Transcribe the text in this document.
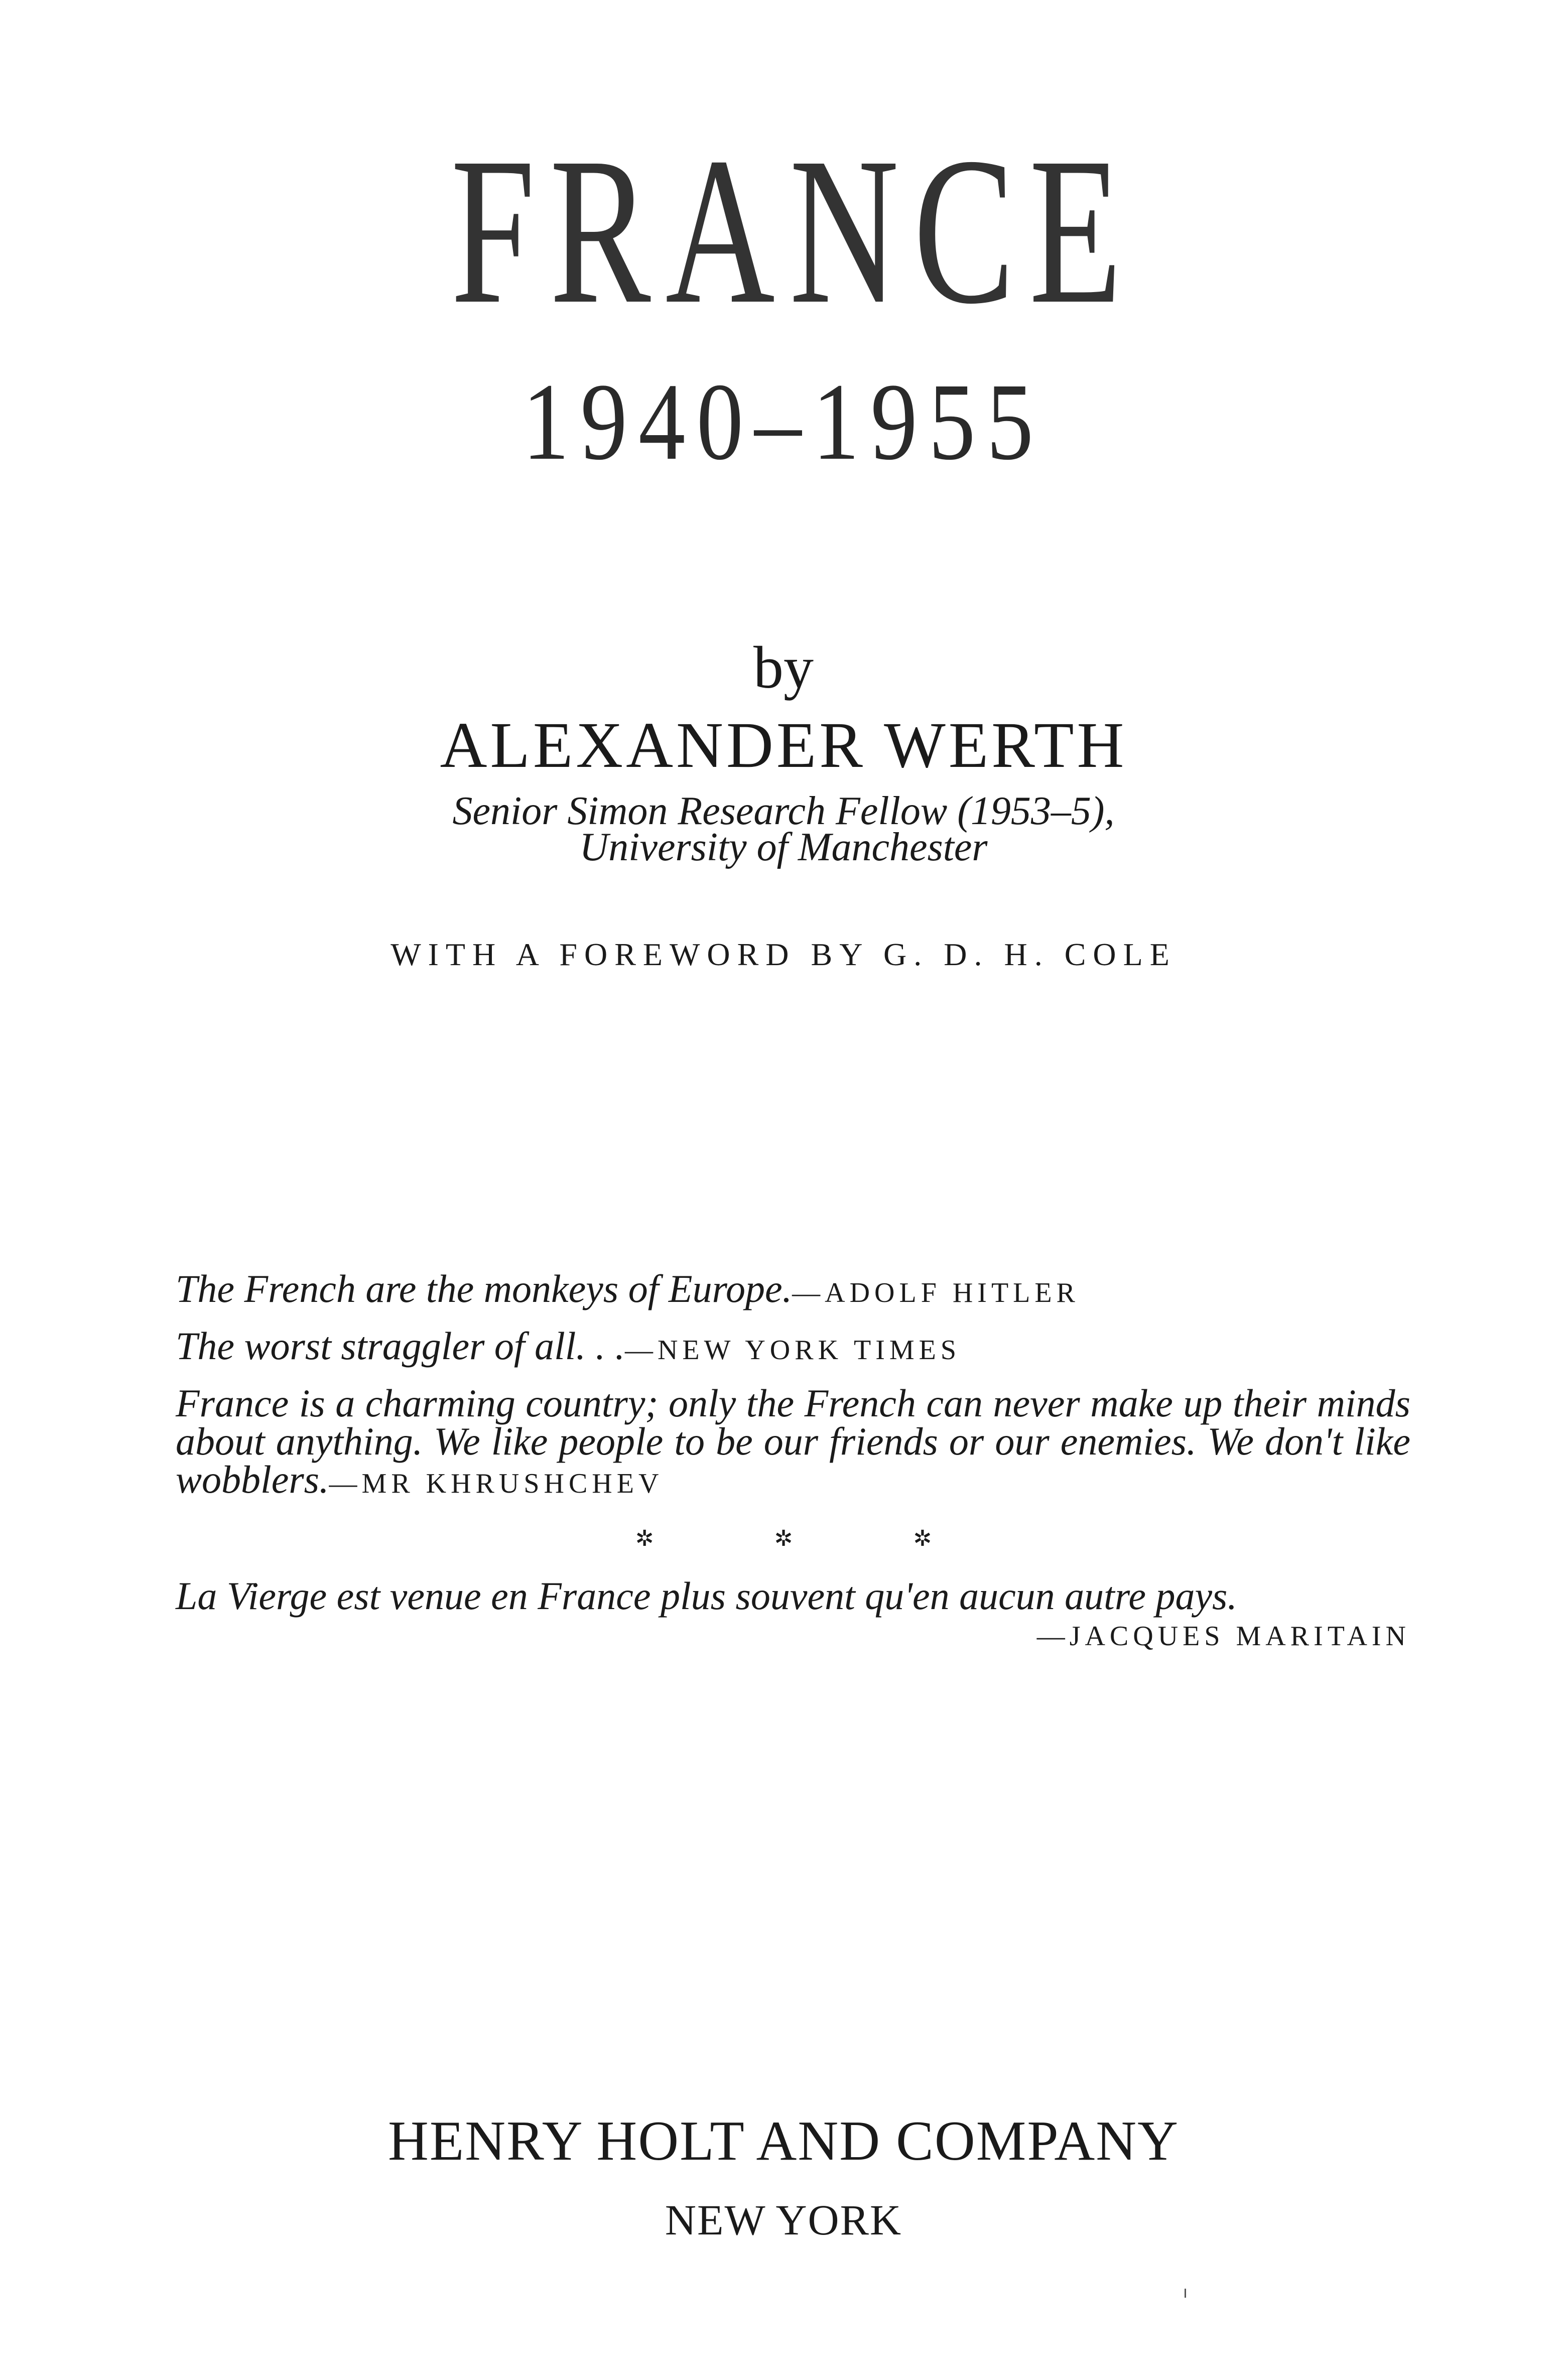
FRANCE
1940–1955
by
ALEXANDER WERTH
Senior Simon Research Fellow (1953–5),
University of Manchester
WITH A FOREWORD BY G. D. H. COLE

The French are the monkeys of Europe.—ADOLF HITLER

The worst straggler of all. . .—NEW YORK TIMES

France is a charming country; only the French can never make up their minds about anything. We like people to be our friends or our enemies. We don't like wobblers.—MR KHRUSHCHEV

✲	✲	✲
La Vierge est venue en France plus souvent qu'en aucun autre pays.
—JACQUES MARITAIN
HENRY HOLT AND COMPANY
NEW YORK
